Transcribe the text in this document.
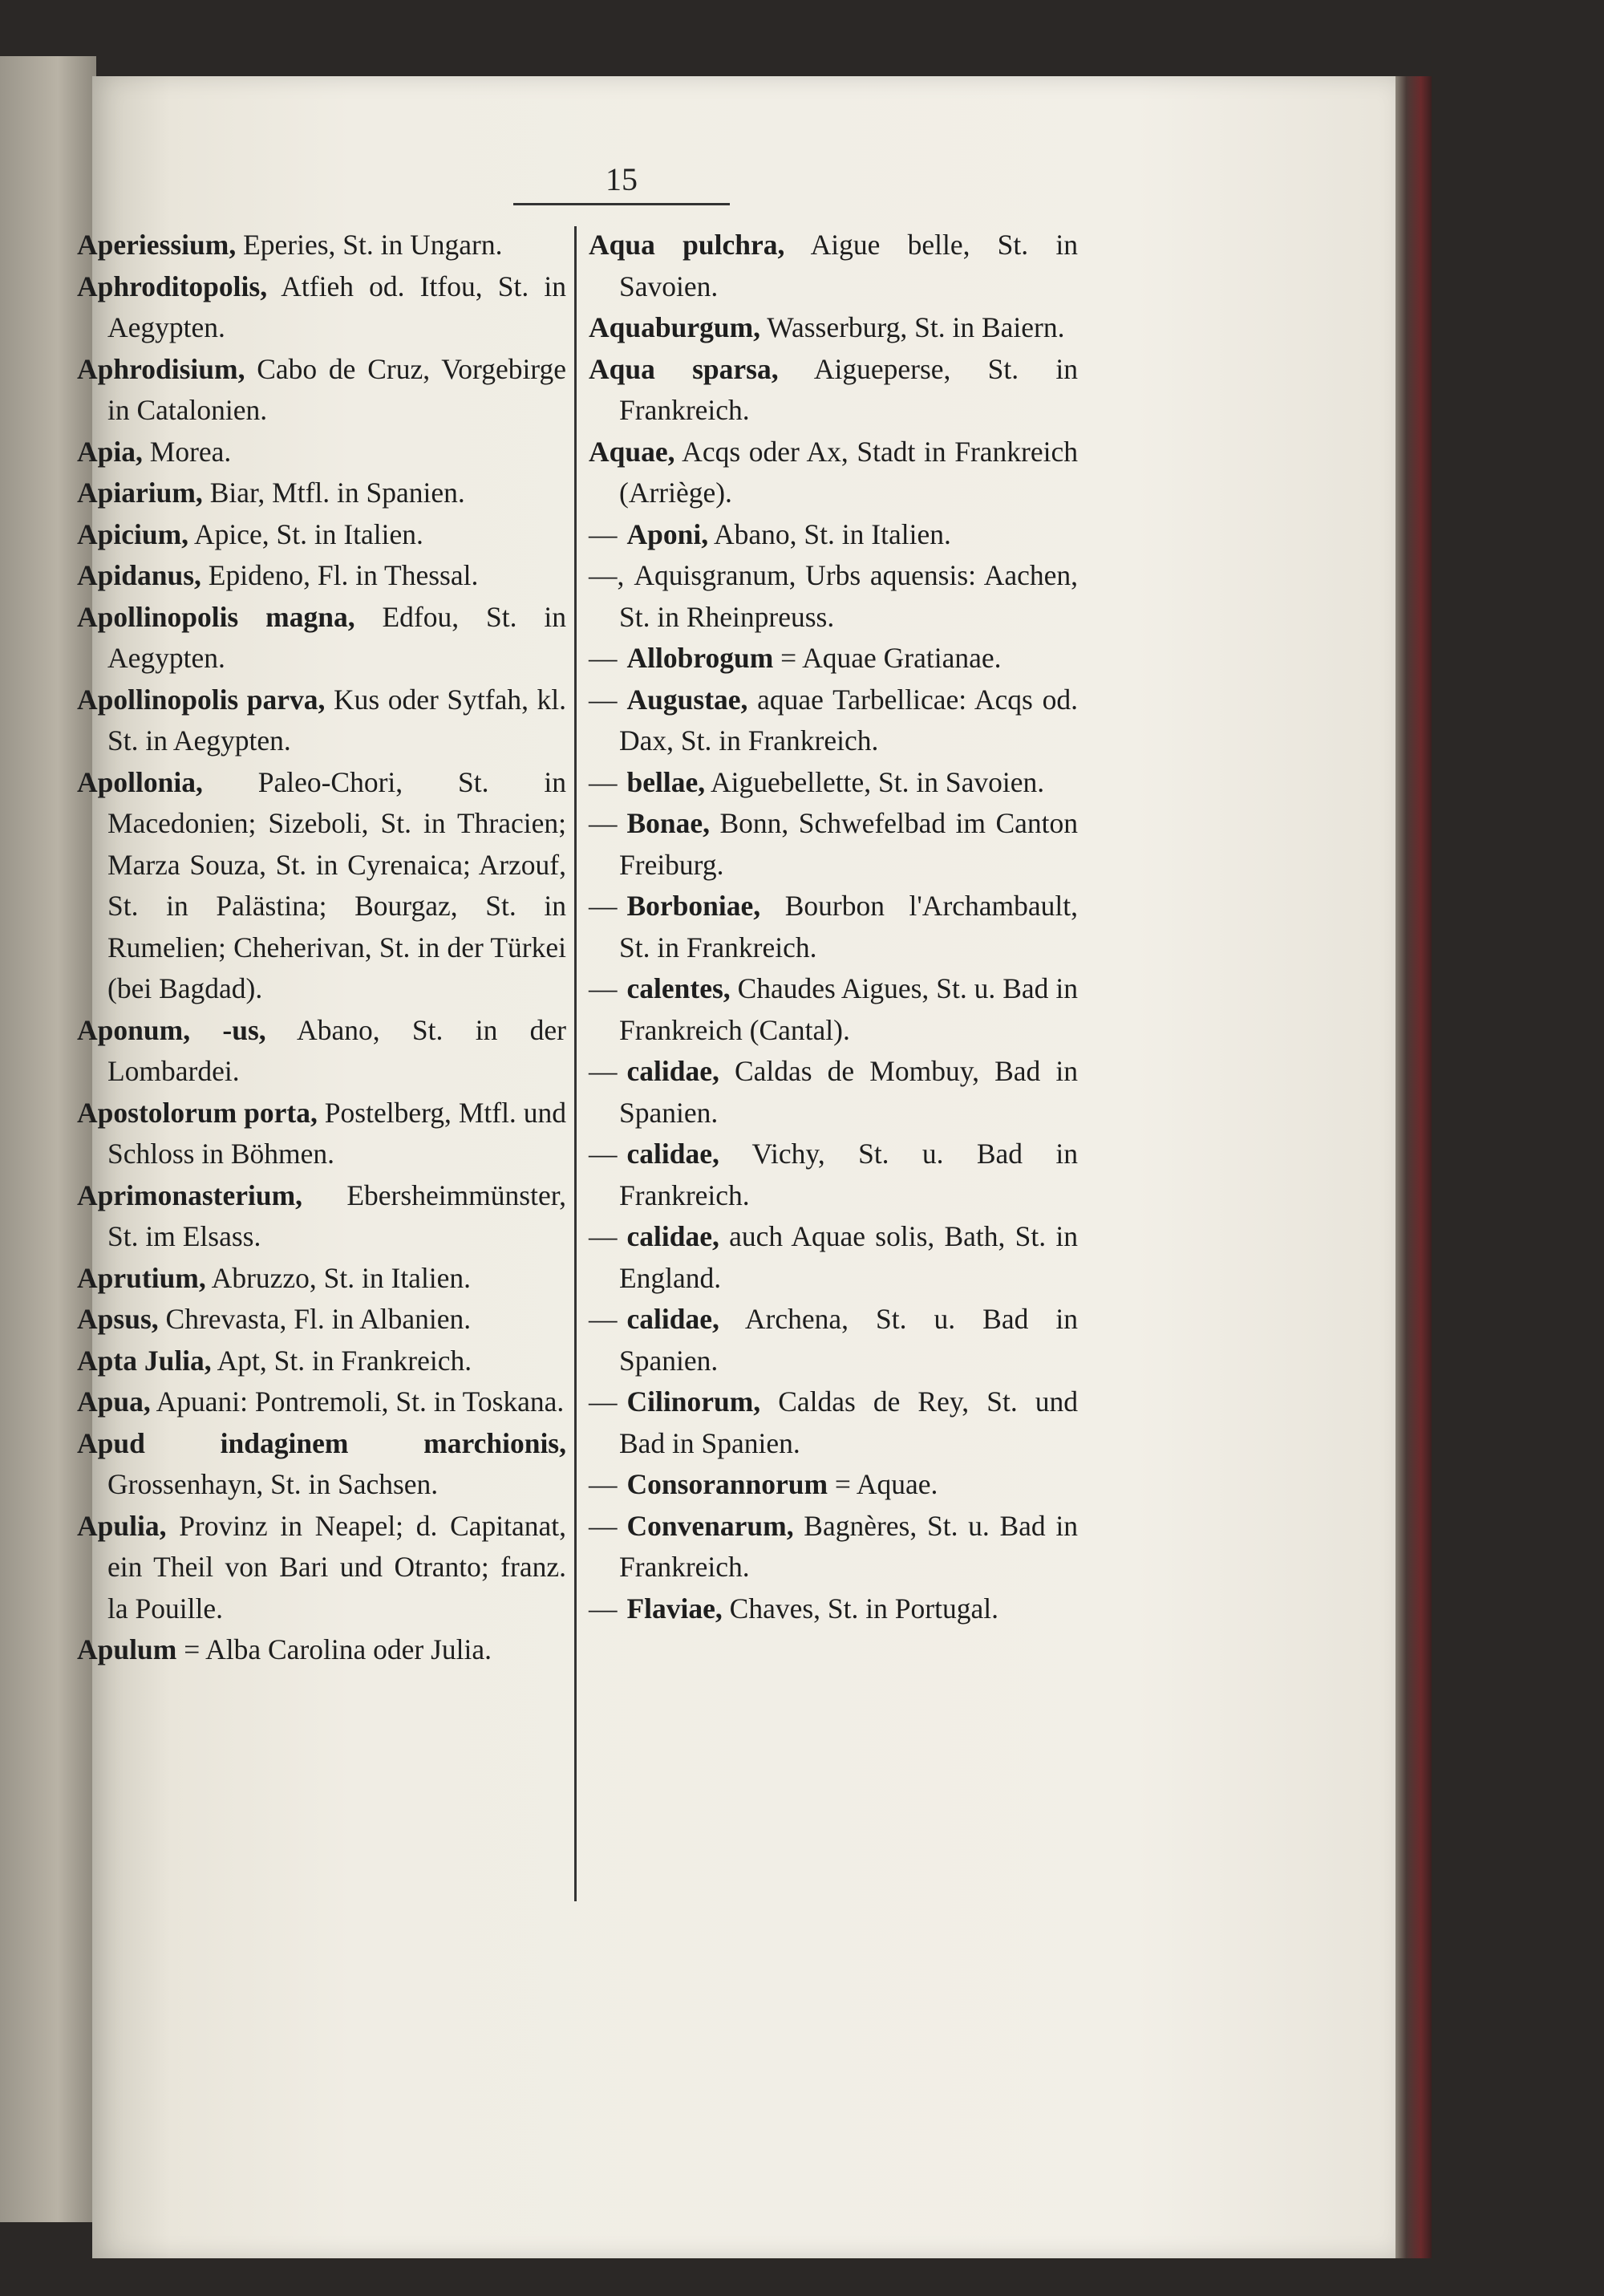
15

Aperiessium, Eperies, St. in Ungarn.

Aphroditopolis, Atfieh od. Itfou, St. in Aegypten.

Aphrodisium, Cabo de Cruz, Vorgebirge in Catalonien.

Apia, Morea.

Apiarium, Biar, Mtfl. in Spanien.

Apicium, Apice, St. in Italien.

Apidanus, Epideno, Fl. in Thessal.

Apollinopolis magna, Edfou, St. in Aegypten.

Apollinopolis parva, Kus oder Sytfah, kl. St. in Aegypten.

Apollonia, Paleo-Chori, St. in Macedonien; Sizeboli, St. in Thracien; Marza Souza, St. in Cyrenaica; Arzouf, St. in Palästina; Bourgaz, St. in Rumelien; Cheherivan, St. in der Türkei (bei Bagdad).

Aponum, -us, Abano, St. in der Lombardei.

Apostolorum porta, Postelberg, Mtfl. und Schloss in Böhmen.

Aprimonasterium, Ebersheimmünster, St. im Elsass.

Aprutium, Abruzzo, St. in Italien.

Apsus, Chrevasta, Fl. in Albanien.

Apta Julia, Apt, St. in Frankreich.

Apua, Apuani: Pontremoli, St. in Toskana.

Apud indaginem marchionis, Grossenhayn, St. in Sachsen.

Apulia, Provinz in Neapel; d. Capitanat, ein Theil von Bari und Otranto; franz. la Pouille.

Apulum = Alba Carolina oder Julia.

Aqua pulchra, Aigue belle, St. in Savoien.

Aquaburgum, Wasserburg, St. in Baiern.

Aqua sparsa, Aigueperse, St. in Frankreich.

Aquae, Acqs oder Ax, Stadt in Frankreich (Arriège).

— Aponi, Abano, St. in Italien.

—, Aquisgranum, Urbs aquensis: Aachen, St. in Rheinpreuss.

— Allobrogum = Aquae Gratianae.

— Augustae, aquae Tarbellicae: Acqs od. Dax, St. in Frankreich.

— bellae, Aiguebellette, St. in Savoien.

— Bonae, Bonn, Schwefelbad im Canton Freiburg.

— Borboniae, Bourbon l'Archambault, St. in Frankreich.

— calentes, Chaudes Aigues, St. u. Bad in Frankreich (Cantal).

— calidae, Caldas de Mombuy, Bad in Spanien.

— calidae, Vichy, St. u. Bad in Frankreich.

— calidae, auch Aquae solis, Bath, St. in England.

— calidae, Archena, St. u. Bad in Spanien.

— Cilinorum, Caldas de Rey, St. und Bad in Spanien.

— Consorannorum = Aquae.

— Convenarum, Bagnères, St. u. Bad in Frankreich.

— Flaviae, Chaves, St. in Portugal.
